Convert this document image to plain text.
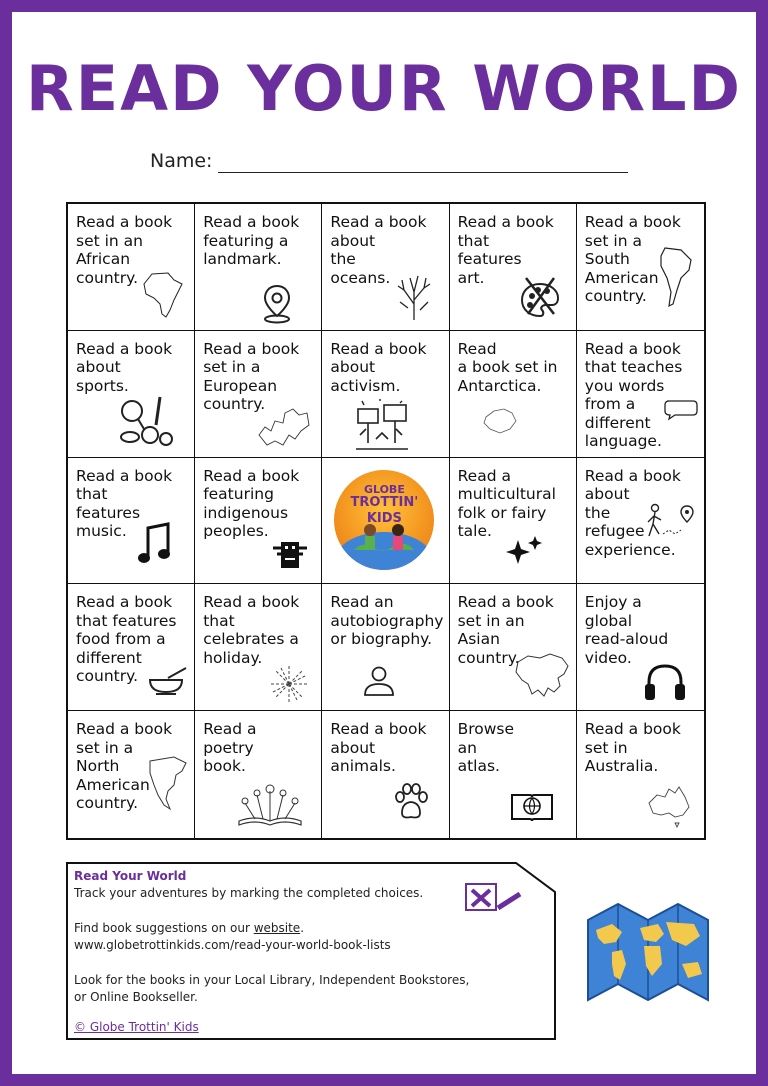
READ YOUR WORLD
Name:
Read a book
set in an
African
country.
Read a book
featuring a
landmark.
Read a book
about
the
oceans.
Read a book
that
features
art.
Read a book
set in a
South
American
country.
Read a book
about
sports.
Read a book
set in a
European
country.
Read a book
about
activism.
Read
a book set in
Antarctica.
Read a book
that teaches
you words
from a
different
language.
Read a book
that
features
music.
Read a book
featuring
indigenous
peoples.
GLOBE
TROTTIN'
KIDS
Read a
multicultural
folk or fairy
tale.
Read a book
about
the
refugee
experience.
Read a book
that features
food from a
different
country.
Read a book
that
celebrates a
holiday.
Read an
autobiography
or biography.
Read a book
set in an
Asian
country.
Enjoy a
global
read-aloud
video.
Read a book
set in a
North
American
country.
Read a
poetry
book.
Read a book
about
animals.
Browse
an
atlas.
Read a book
set in
Australia.
Read Your World
Track your adventures by marking the completed choices.
Find book suggestions on our website.
www.globetrottinkids.com/read-your-world-book-lists
Look for the books in your Local Library, Independent Bookstores,
or Online Bookseller.
© Globe Trottin' Kids
